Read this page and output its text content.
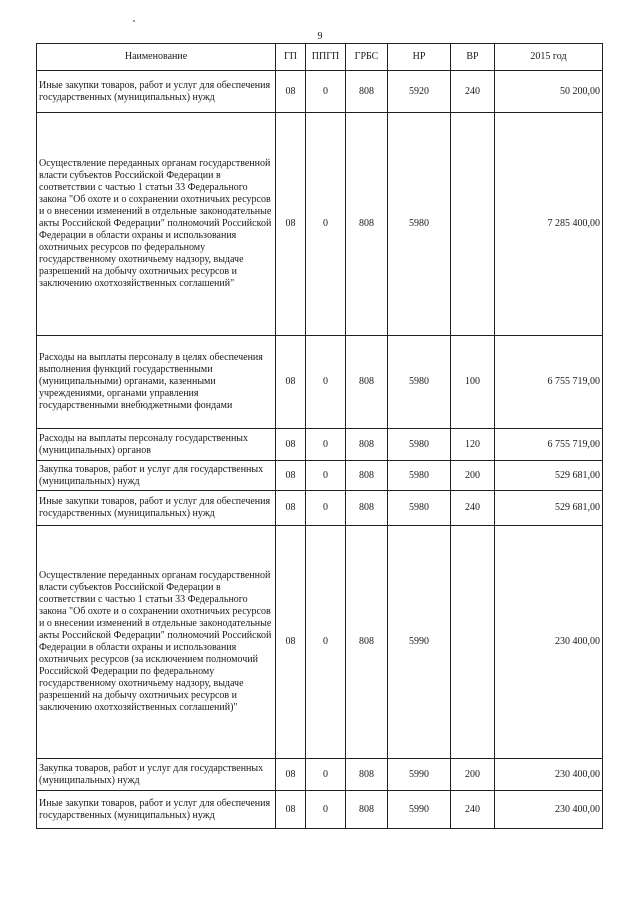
9
Наименование	ГП	ППГП	ГРБС	НР	ВР	2015 год
Иные закупки товаров, работ и услуг для обеспечения государственных (муниципальных) нужд	08	0	808	5920	240	50 200,00
Осуществление переданных органам государственной власти субъектов Российской Федерации в соответствии с частью 1 статьи 33 Федерального закона "Об охоте и о сохранении охотничьих ресурсов и о внесении изменений в отдельные законодательные акты Российской Федерации" полномочий Российской Федерации в области охраны и использования охотничьих ресурсов по федеральному государственному охотничьему надзору, выдаче разрешений на добычу охотничьих ресурсов и заключению охотхозяйственных соглашений"	08	0	808	5980		7 285 400,00
Расходы на выплаты персоналу в целях обеспечения выполнения функций государственными (муниципальными) органами, казенными учреждениями, органами управления государственными внебюджетными фондами	08	0	808	5980	100	6 755 719,00
Расходы на выплаты персоналу государственных (муниципальных) органов	08	0	808	5980	120	6 755 719,00
Закупка товаров, работ и услуг для государственных (муниципальных) нужд	08	0	808	5980	200	529 681,00
Иные закупки товаров, работ и услуг для обеспечения государственных (муниципальных) нужд	08	0	808	5980	240	529 681,00
Осуществление переданных органам государственной власти субъектов Российской Федерации в соответствии с частью 1 статьи 33 Федерального закона "Об охоте и о сохранении охотничьих ресурсов и о внесении изменений в отдельные законодательные акты Российской Федерации" полномочий Российской Федерации в области охраны и использования охотничьих ресурсов (за исключением полномочий Российской Федерации по федеральному государственному охотничьему надзору, выдаче разрешений на добычу охотничьих ресурсов и заключению охотхозяйственных соглашений)"	08	0	808	5990		230 400,00
Закупка товаров, работ и услуг для государственных (муниципальных) нужд	08	0	808	5990	200	230 400,00
Иные закупки товаров, работ и услуг для обеспечения государственных (муниципальных) нужд	08	0	808	5990	240	230 400,00
